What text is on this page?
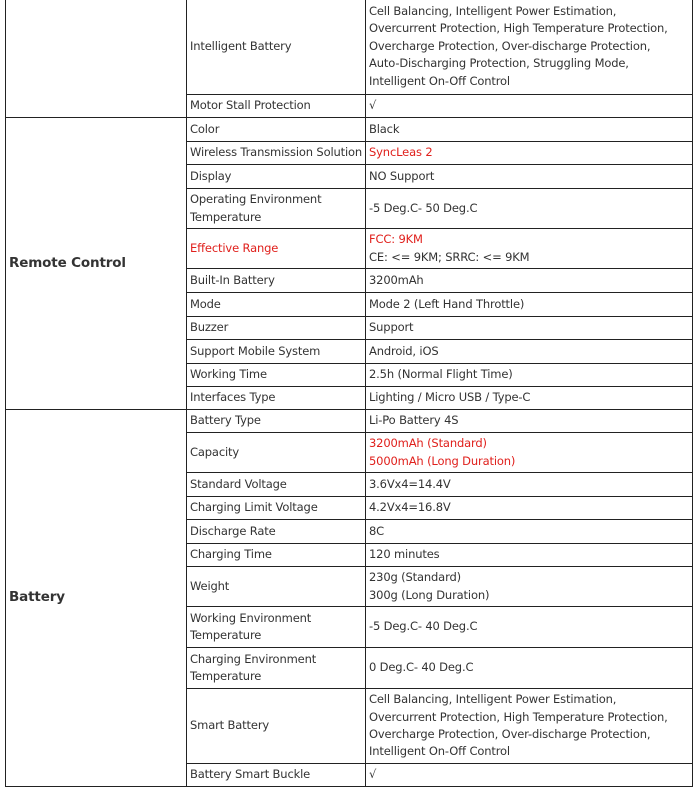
	Intelligent Battery	Cell Balancing, Intelligent Power Estimation,
Overcurrent Protection, High Temperature Protection,
Overcharge Protection, Over-discharge Protection,
Auto-Discharging Protection, Struggling Mode,
Intelligent On-Off Control

	Motor Stall Protection	√

Remote Control	Color	Black

	Wireless Transmission Solution	SyncLeas 2

	Display	NO Support

	Operating Environment
Temperature	-5 Deg.C- 50 Deg.C

	Effective Range	FCC: 9KM
CE: <= 9KM; SRRC: <= 9KM

	Built-In Battery	3200mAh

	Mode	Mode 2 (Left Hand Throttle)

	Buzzer	Support

	Support Mobile System	Android, iOS

	Working Time	2.5h (Normal Flight Time)

	Interfaces Type	Lighting / Micro USB / Type-C

Battery	Battery Type	Li-Po Battery 4S

	Capacity	3200mAh (Standard)
5000mAh (Long Duration)

	Standard Voltage	3.6Vx4=14.4V

	Charging Limit Voltage	4.2Vx4=16.8V

	Discharge Rate	8C

	Charging Time	120 minutes

	Weight	230g (Standard)
300g (Long Duration)

	Working Environment
Temperature	-5 Deg.C- 40 Deg.C

	Charging Environment
Temperature	0 Deg.C- 40 Deg.C

	Smart Battery	Cell Balancing, Intelligent Power Estimation,
Overcurrent Protection, High Temperature Protection,
Overcharge Protection, Over-discharge Protection,
Intelligent On-Off Control

	Battery Smart Buckle	√
